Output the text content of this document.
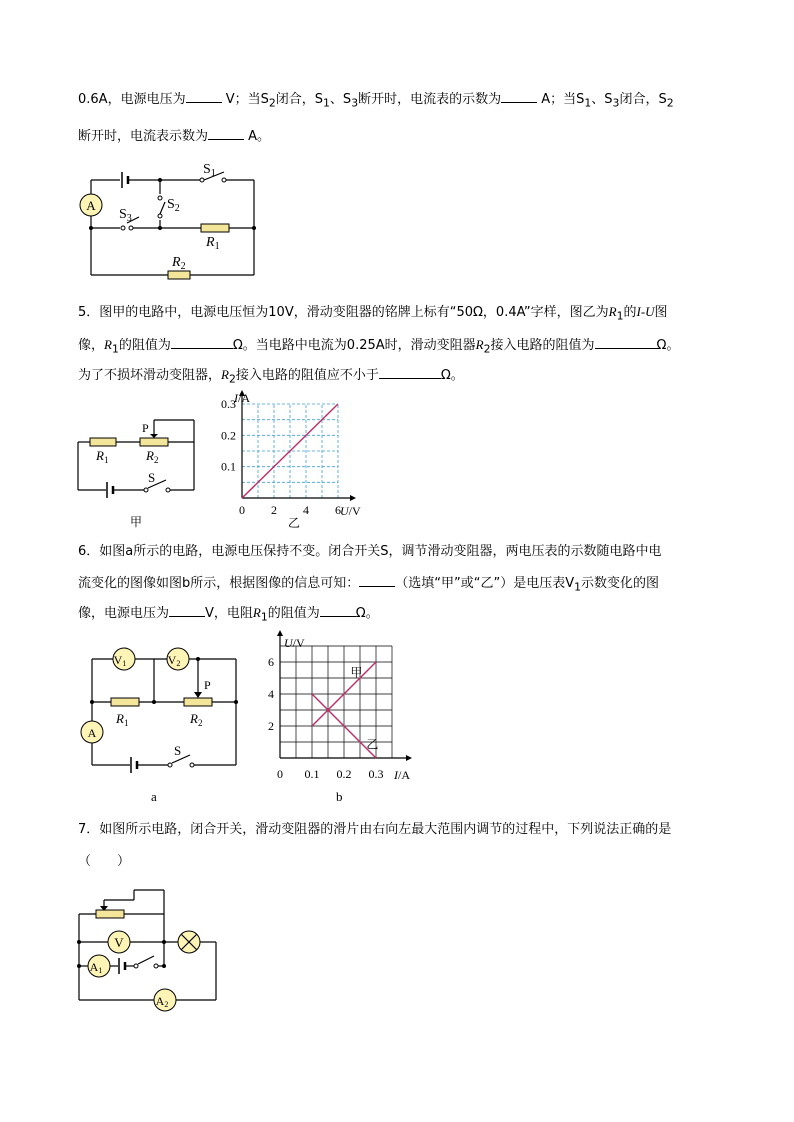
0.6A，电源电压为	V；当$S_2$闭合，$S_1$、$S_3$断开时，电流表的示数为	A；当$S_1$、$S_3$闭合，$S_2$
断开时，电流表示数为	A。
A
$S_1$
$S_2$
$S_3$
$R_1$
$R_2$
5．图甲的电路中，电源电压恒为10V，滑动变阻器的铭牌上标有“50Ω，0.4A”字样，图乙为$R_1$的I-U图
像，$R_1$的阻值为	Ω。当电路中电流为0.25A时，滑动变阻器$R_2$接入电路的阻值为	Ω。
为了不损坏滑动变阻器，$R_2$接入电路的阻值应不小于	Ω。
P
$R_1$	$R_2$
S
甲
0 2 4 6
0.1
0.2
0.3
I/A
U/V
乙
6．如图a所示的电路，电源电压保持不变。闭合开关S，调节滑动变阻器，两电压表的示数随电路中电
流变化的图像如图b所示，根据图像的信息可知：	（选填“甲”或“乙”）是电压表$V_1$示数变化的图
像，电源电压为	V，电阻$R_1$的阻值为	Ω。
V1	V2
A
P
$R_1$	$R_2$
S
a
0 0.1 0.2 0.3
2
4
6
U/V
I/A
b
甲
乙
7．如图所示电路，闭合开关，滑动变阻器的滑片由右向左最大范围内调节的过程中，下列说法正确的是
（　　）
V
A1
A2
